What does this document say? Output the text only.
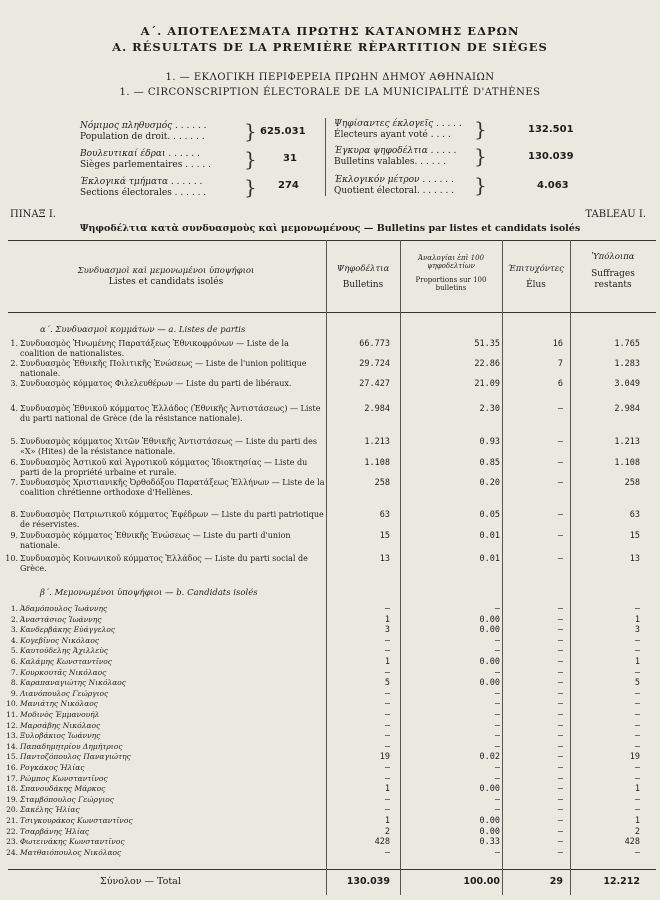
Α΄. ΑΠΟΤΕΛΕΣΜΑΤΑ ΠΡΩΤΗΣ ΚΑΤΑΝΟΜΗΣ ΕΔΡΩΝ
A. RÉSULTATS DE LA PREMIÈRE RÈPARTITION DE SIÈGES
1. — ΕΚΛΟΓΙΚΗ ΠΕΡΙΦΕΡΕΙΑ ΠΡΩΗΝ ΔΗΜΟΥ ΑΘΗΝΑΙΩΝ
1. — CIRCONSCRIPTION ÉLECTORALE DE LA MUNICIPALITÉ D'ATHÈNES
Νόμιμος πληθυσμός . . . . . .
Population de droit. . . . . . . } 625.031
Βουλευτικαί έδραι . . . . . .
Sièges parlementaires . . . . . }	31
Έκλογικά τμήματα . . . . . .
Sections électorales . . . . . . } 274
Ψηφίσαντες έκλογεῖς . . . . .
Électeurs ayant voté . . . .	}	132.501
Έγκυρα ψηφοδέλτια . . . . .
Bulletins valables. . . . . .	}	130.039
Έκλογικόν μέτρον . . . . . .
Quotient électoral. . . . . . . }	4.063
ΠΙΝΑΞ Ι.	TABLEAU I.
Ψηφοδέλτια κατὰ συνδυασμοὺς καὶ μεμονωμένους — Bulletins par listes et candidats isolés
Συνδυασμοὶ καὶ μεμονωμένοι ὑποψήφιοι
Listes et candidats isolés
Ψηφοδέλτια
Bulletins
Άναλογίαι ἐπὶ 100 ψηφοδελτίων
Proportions sur 100 bulletins
Έπιτυχόντες
Élus
Ὑπόλοιπα
Suffrages restants
α΄. Συνδυασμοὶ κομμάτων — a. Listes de partis
1. Συνδυασμὸς Ἠνωμένης Παρατάξεως Ἐθνικοφρόνων — Liste de la coalition de nationalistes.
66.773	51.35	16	1.765
2. Συνδυασμὸς Ἐθνικῆς Πολιτικῆς Ἑνώσεως — Liste de l'union politique nationale.
29.724	22.86	7	1.283
3. Συνδυασμὸς κόμματος Φιλελευθέρων — Liste du parti de libéraux.	27.427	21.09	6	3.049
4. Συνδυασμὸς Ἐθνικοῦ κόμματος Ἑλλάδος (Ἐθνικῆς Ἀντιστάσεως) — Liste du parti national de Grèce (de la résistance nationale).
2.984	2.30	—	2.984
5. Συνδυασμὸς κόμματος Χιτῶν Ἐθνικῆς Ἀντιστάσεως — Liste du parti des «X» (Hites) de la résistance nationale.
1.213	0.93	—	1.213
6. Συνδυασμὸς Ἀστικοῦ καὶ Ἀγροτικοῦ κόμματος Ἰδιοκτησίας — Liste du parti de la propriété urbaine et rurale.
1.108	0.85	—	1.108
7. Συνδυασμὸς Χριστιανικῆς Ὀρθοδόξου Παρατάξεως Ἑλλήνων — Liste de la coalition chrétienne orthodoxe d'Hellènes.
258	0.20	—	258
8. Συνδυασμὸς Πατριωτικοῦ κόμματος Ἐφέδρων — Liste du parti patriotique de réservistes.
63	0.05	—	63
9. Συνδυασμὸς κόμματος Ἐθνικῆς Ἑνώσεως — Liste du parti d'union nationale.
15	0.01	—	15
10. Συνδυασμὸς Κοινωνικοῦ κόμματος Ἑλλάδος — Liste du parti social de Grèce.
13	0.01	—	13
β΄. Μεμονωμένοι ὑποψήφιοι — b. Candidats isolés
1. Ἀδαμόπουλος Ἰωάννης	—	—	—	—
2. Ἀναστάσιος Ἰωάννης	1	0.00	—	1
3. Κανδερβάκης Εὐάγγελος	3	0.00	—	3
4. Κογεβῖνος Νικόλαος	—	—	—	—
5. Καυτούδελης Ἀχιλλεὺς	—	—	—	—
6. Καλάμης Κωνσταντῖνος	1	0.00	—	1
7. Κουρκουτᾶς Νικόλαος	—	—	—	—
8. Καραπαναγιώτης Νικόλαος	5	0.00	—	5
9. Λιανόπουλος Γεώργιος	—	—	—	—
10. Μανιάτης Νικόλαος	—	—	—	—
11. Μοδινὸς Ἐμμανουήλ	—	—	—	—
12. Μαρσάβης Νικόλαος	—	—	—	—
13. Ξυλοβάκιος Ἰωάννης	—	—	—	—
14. Παπαδημητρίου Δημήτριος	—	—	—	—
15. Παντοζόπουλος Παναγιώτης	19	0.02	—	19
16. Ρογκάκος Ἠλίας	—	—	—	—
17. Ρώμπος Κωνσταντῖνος	—	—	—	—
18. Σπανουδάκης Μάρκος	1	0.00	—	1
19. Σταμβόπουλος Γεώργιος	—	—	—	—
20. Σακέλης Ἠλίας	—	—	—	—
21. Τσιγκουράκος Κωνσταντῖνος	1	0.00	—	1
22. Τσαρβάνης Ἠλίας	2	0.00	—	2
23. Φωτεινάκης Κωνσταντῖνος	428	0.33	—	428
24. Ματθαιόπουλος Νικόλαος	—	—	—	—
Σύνολον — Total	130.039	100.00	29	12.212
